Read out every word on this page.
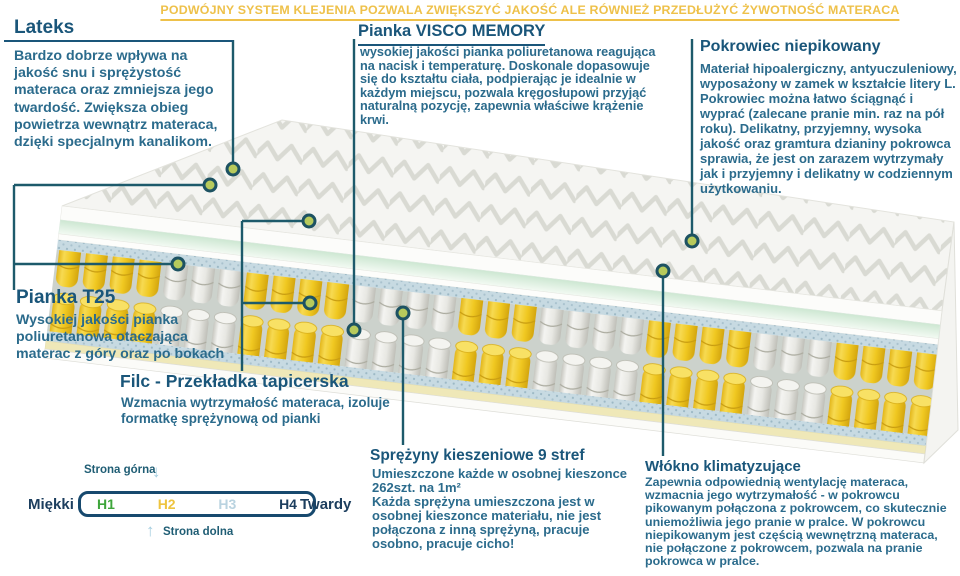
PODWÓJNY SYSTEM KLEJENIA POZWALA ZWIĘKSZYĆ JAKOŚĆ ALE RÓWNIEŻ PRZEDŁUŻYĆ ŻYWOTNOŚĆ MATERACA
Lateks
Bardzo dobrze wpływa na jakość snu i sprężystość materaca oraz zmniejsza jego twardość. Zwiększa obieg powietrza wewnątrz materaca, dzięki specjalnym kanalikom.
Pianka VISCO MEMORY
wysokiej jakości pianka poliuretanowa reagująca na nacisk i temperaturę. Doskonale dopasowuje się do kształtu ciała, podpierając je idealnie w każdym miejscu, pozwala kręgosłupowi przyjąć naturalną pozycję, zapewnia właściwe krążenie krwi.
Pokrowiec niepikowany
Materiał hipoalergiczny, antyuczuleniowy, wyposażony w zamek w kształcie litery L. Pokrowiec można łatwo ściągnąć i wyprać (zalecane pranie min. raz na pół roku). Delikatny, przyjemny, wysoka jakość oraz gramtura dzianiny pokrowca sprawia, że jest on zarazem wytrzymały jak i przyjemny i delikatny w codziennym użytkowaniu.
Pianka T25
Wysokiej jakości pianka poliuretanowa otaczająca materac z góry oraz po bokach
Filc - Przekładka tapicerska
Wzmacnia wytrzymałość materaca, izoluje formatkę sprężynową od pianki
Sprężyny kieszeniowe 9 stref
Umieszczone każde w osobnej kieszonce 262szt. na 1m²
Każda sprężyna umieszczona jest w osobnej kieszonce materiału, nie jest połączona z inną sprężyną, pracuje osobno, pracuje cicho!
Włókno klimatyzujące
Zapewnia odpowiednią wentylację materaca, wzmacnia jego wytrzymałość - w pokrowcu pikowanym połączona z pokrowcem, co skutecznie uniemożliwia jego pranie w pralce. W pokrowcu niepikowanym jest częścią wewnętrzną materaca, nie połączone z pokrowcem, pozwala na pranie pokrowca w pralce.
Strona górna
↓
Miękki H1	H2	H3	H4 Twardy
↑ Strona dolna
